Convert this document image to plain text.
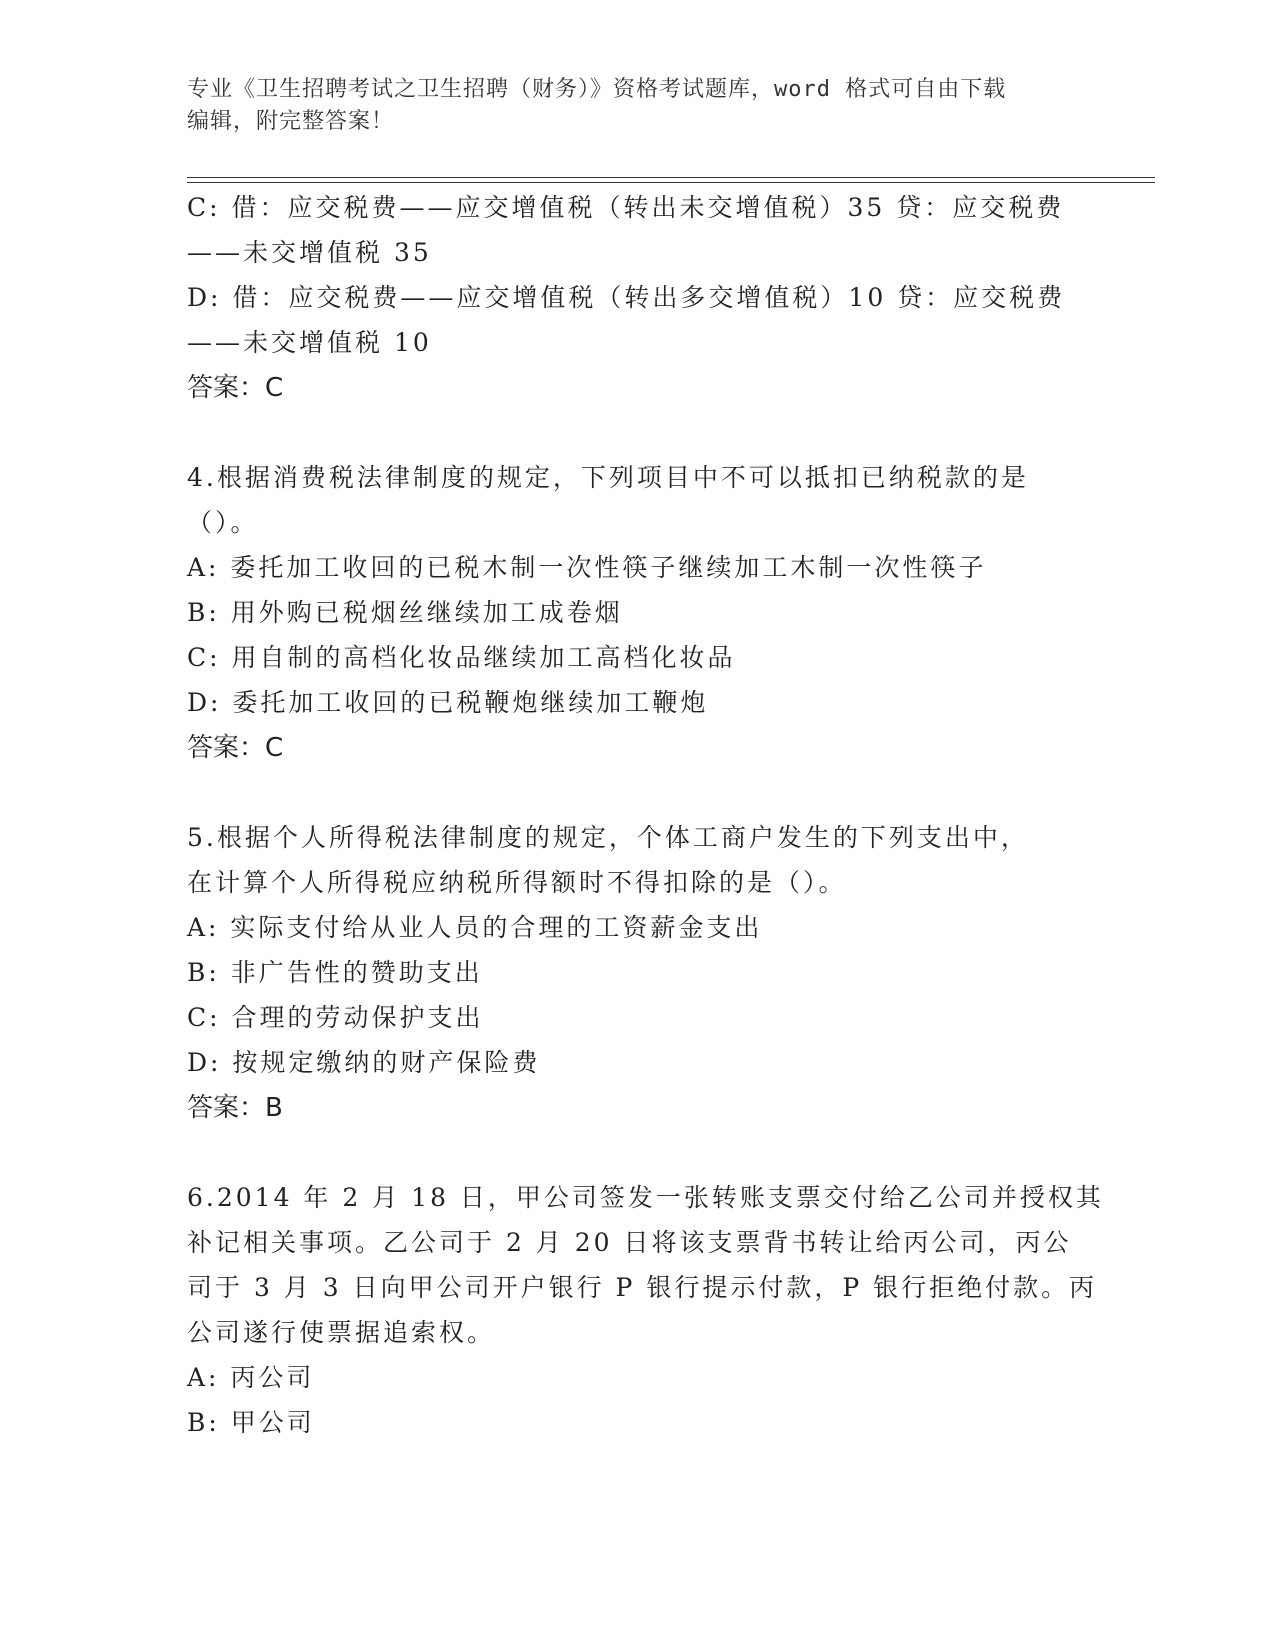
专业《卫生招聘考试之卫生招聘（财务）》资格考试题库，word 格式可自由下载
编辑，附完整答案！
C: 借：应交税费——应交增值税（转出未交增值税）35 贷：应交税费
——未交增值税 35
D: 借：应交税费——应交增值税（转出多交增值税）10 贷：应交税费
——未交增值税 10
答案：C
4.根据消费税法律制度的规定，下列项目中不可以抵扣已纳税款的是
（）。
A: 委托加工收回的已税木制一次性筷子继续加工木制一次性筷子
B: 用外购已税烟丝继续加工成卷烟
C: 用自制的高档化妆品继续加工高档化妆品
D: 委托加工收回的已税鞭炮继续加工鞭炮
答案：C
5.根据个人所得税法律制度的规定，个体工商户发生的下列支出中，
在计算个人所得税应纳税所得额时不得扣除的是（）。
A: 实际支付给从业人员的合理的工资薪金支出
B: 非广告性的赞助支出
C: 合理的劳动保护支出
D: 按规定缴纳的财产保险费
答案：B
6.2014 年 2 月 18 日，甲公司签发一张转账支票交付给乙公司并授权其
补记相关事项。乙公司于 2 月 20 日将该支票背书转让给丙公司，丙公
司于 3 月 3 日向甲公司开户银行 P 银行提示付款，P 银行拒绝付款。丙
公司遂行使票据追索权。
A: 丙公司
B: 甲公司
